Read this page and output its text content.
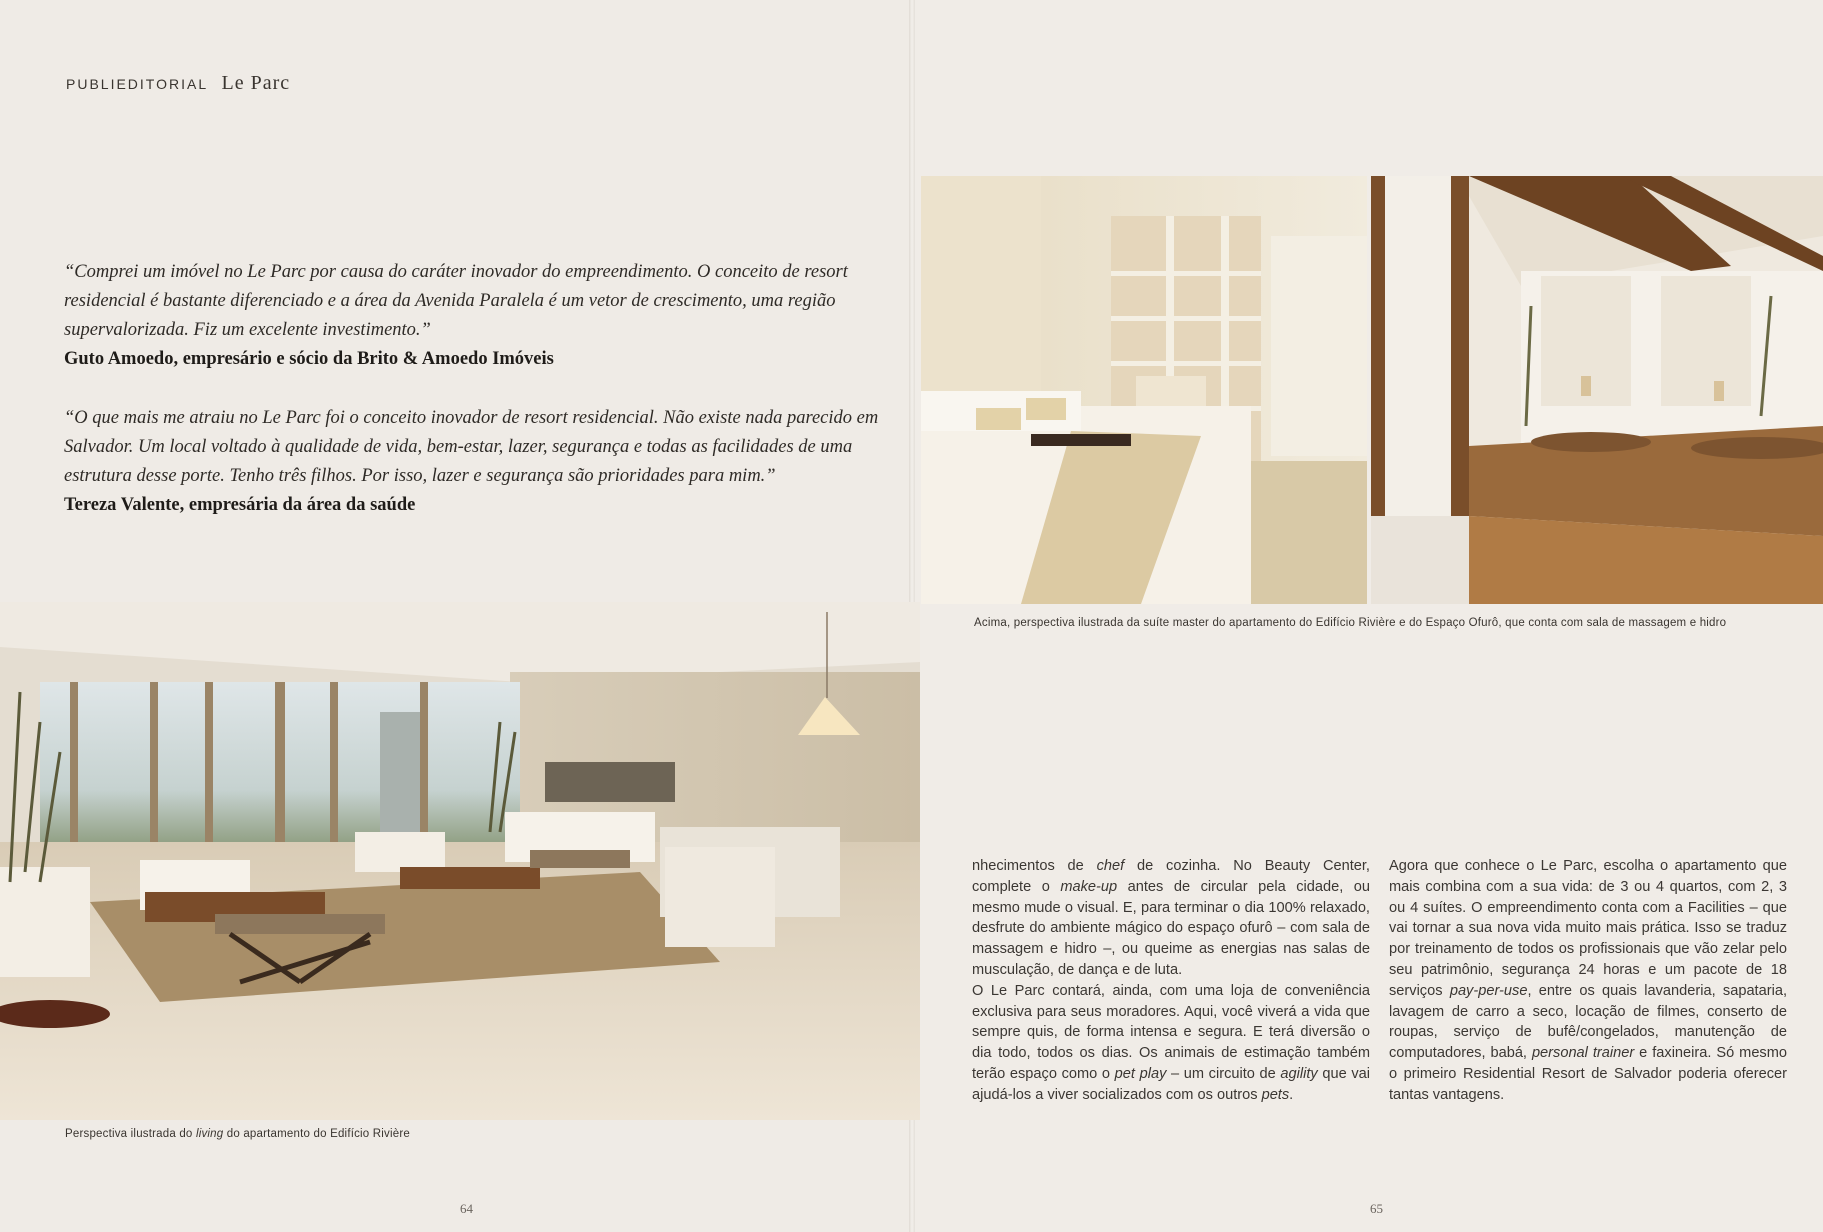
PUBLIEDITORIAL Le Parc

“Comprei um imóvel no Le Parc por causa do caráter inovador do empreendimento. O conceito de resort residencial é bastante diferenciado e a área da Avenida Paralela é um vetor de crescimento, uma região supervalorizada. Fiz um excelente investimento.”

Guto Amoedo, empresário e sócio da Brito & Amoedo Imóveis

“O que mais me atraiu no Le Parc foi o conceito inovador de resort residencial. Não existe nada parecido em Salvador. Um local voltado à qualidade de vida, bem-estar, lazer, segurança e todas as facilidades de uma estrutura desse porte. Tenho três filhos. Por isso, lazer e segurança são prioridades para mim.”

Tereza Valente, empresária da área da saúde

Perspectiva ilustrada do living do apartamento do Edifício Rivière
Acima, perspectiva ilustrada da suíte master do apartamento do Edifício Rivière e do Espaço Ofurô, que conta com sala de massagem e hidro

nhecimentos de chef de cozinha. No Beauty Center, complete o make-up antes de circular pela cidade, ou mesmo mude o visual. E, para terminar o dia 100% relaxado, desfrute do ambiente mágico do espaço ofurô – com sala de massagem e hidro –, ou queime as energias nas salas de musculação, de dança e de luta.

O Le Parc contará, ainda, com uma loja de conveniência exclusiva para seus moradores. Aqui, você viverá a vida que sempre quis, de forma intensa e segura. E terá diversão o dia todo, todos os dias. Os animais de estimação também terão espaço como o pet play – um circuito de agility que vai ajudá-los a viver socializados com os outros pets.

Agora que conhece o Le Parc, escolha o apartamento que mais combina com a sua vida: de 3 ou 4 quartos, com 2, 3 ou 4 suítes. O empreendimento conta com a Facilities – que vai tornar a sua nova vida muito mais prática. Isso se traduz por treinamento de todos os profissionais que vão zelar pelo seu patrimônio, segurança 24 horas e um pacote de 18 serviços pay-per-use, entre os quais lavanderia, sapataria, lavagem de carro a seco, locação de filmes, conserto de roupas, serviço de bufê/congelados, manutenção de computadores, babá, personal trainer e faxineira. Só mesmo o primeiro Residential Resort de Salvador poderia oferecer tantas vantagens.

64	65
